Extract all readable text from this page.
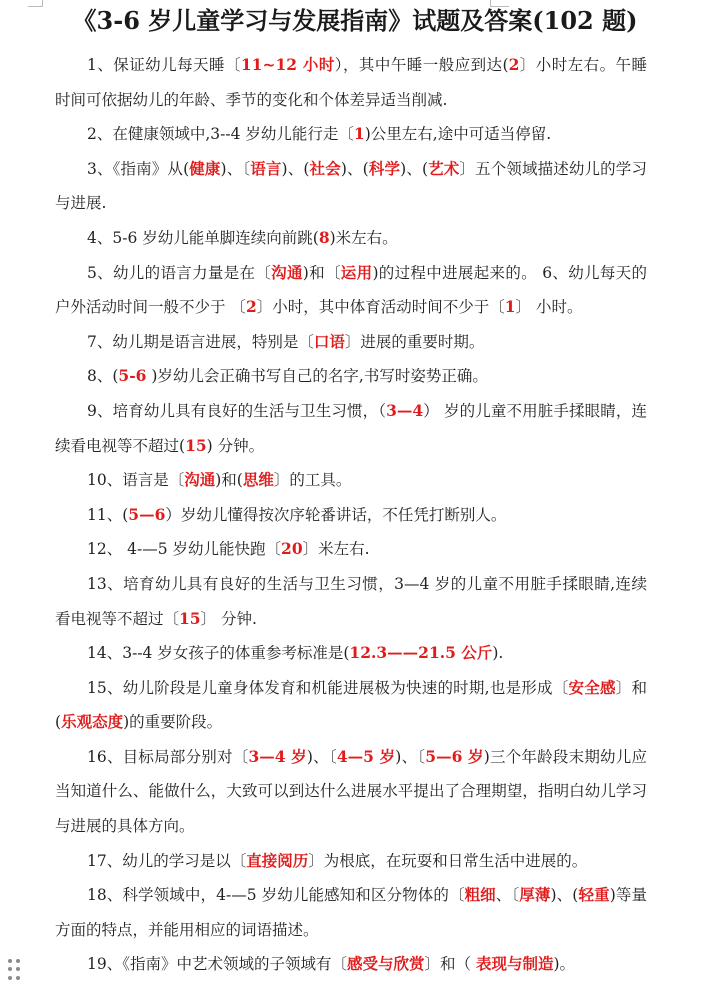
《3-6 岁儿童学习与发展指南》试题及答案(102 题)

1、保证幼儿每天睡〔11~12 小时），其中午睡一般应到达(2〕小时左右。午睡时间可依据幼儿的年龄、季节的变化和个体差异适当削减.

2、在健康领域中,3--4 岁幼儿能行走〔1)公里左右,途中可适当停留.

3、《指南》从(健康)、〔语言)、(社会)、(科学)、(艺术〕五个领域描述幼儿的学习与进展.

4、5-6 岁幼儿能单脚连续向前跳(8)米左右。

5、幼儿的语言力量是在〔沟通)和〔运用)的过程中进展起来的。 6、幼儿每天的户外活动时间一般不少于 〔2〕小时，其中体育活动时间不少于〔1〕 小时。

7、幼儿期是语言进展，特别是〔口语〕进展的重要时期。

8、(5-6 )岁幼儿会正确书写自己的名字,书写时姿势正确。

9、培育幼儿具有良好的生活与卫生习惯，（3—4） 岁的儿童不用脏手揉眼睛，连续看电视等不超过(15) 分钟。

10、语言是〔沟通)和(思维〕的工具。

11、(5—6）岁幼儿懂得按次序轮番讲话，不任凭打断别人。

12、 4-—5 岁幼儿能快跑〔20〕米左右.

13、培育幼儿具有良好的生活与卫生习惯，3—4 岁的儿童不用脏手揉眼睛,连续看电视等不超过〔15〕 分钟.

14、3--4 岁女孩子的体重参考标准是(12.3——21.5 公斤).

15、幼儿阶段是儿童身体发育和机能进展极为快速的时期,也是形成〔安全感〕和(乐观态度)的重要阶段。

16、目标局部分别对〔3—4 岁)、〔4—5 岁)、〔5—6 岁)三个年龄段末期幼儿应当知道什么、能做什么，大致可以到达什么进展水平提出了合理期望，指明白幼儿学习与进展的具体方向。

17、幼儿的学习是以〔直接阅历〕为根底，在玩耍和日常生活中进展的。

18、科学领域中，4-—5 岁幼儿能感知和区分物体的〔粗细、〔厚薄)、(轻重)等量方面的特点，并能用相应的词语描述。

19、《指南》中艺术领域的子领域有〔感受与欣赏〕和（ 表现与制造)。
